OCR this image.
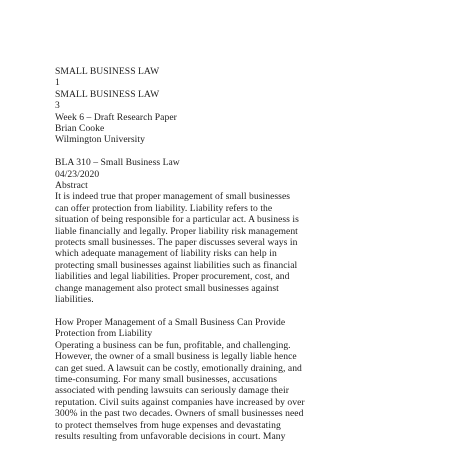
SMALL BUSINESS LAW
1
SMALL BUSINESS LAW
3
Week 6 – Draft Research Paper
Brian Cooke
Wilmington University
BLA 310 – Small Business Law
04/23/2020
Abstract
It is indeed true that proper management of small businesses
can offer protection from liability. Liability refers to the
situation of being responsible for a particular act. A business is
liable financially and legally. Proper liability risk management
protects small businesses. The paper discusses several ways in
which adequate management of liability risks can help in
protecting small businesses against liabilities such as financial
liabilities and legal liabilities. Proper procurement, cost, and
change management also protect small businesses against
liabilities.
How Proper Management of a Small Business Can Provide
Protection from Liability
Operating a business can be fun, profitable, and challenging.
However, the owner of a small business is legally liable hence
can get sued. A lawsuit can be costly, emotionally draining, and
time-consuming. For many small businesses, accusations
associated with pending lawsuits can seriously damage their
reputation. Civil suits against companies have increased by over
300% in the past two decades. Owners of small businesses need
to protect themselves from huge expenses and devastating
results resulting from unfavorable decisions in court. Many
